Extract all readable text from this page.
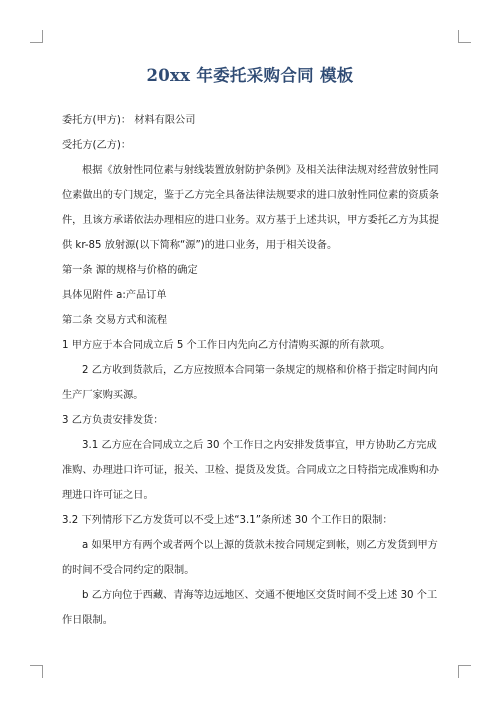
20xx 年委托采购合同 模板

委托方(甲方)： 材料有限公司

受托方(乙方)：

根据《放射性同位素与射线装置放射防护条例》及相关法律法规对经营放射性同位素做出的专门规定，鉴于乙方完全具备法律法规要求的进口放射性同位素的资质条件，且该方承诺依法办理相应的进口业务。双方基于上述共识，甲方委托乙方为其提供 kr-85 放射源(以下简称“源”)的进口业务，用于相关设备。

第一条 源的规格与价格的确定

具体见附件 a:产品订单

第二条 交易方式和流程

1 甲方应于本合同成立后 5 个工作日内先向乙方付清购买源的所有款项。

2 乙方收到货款后，乙方应按照本合同第一条规定的规格和价格于指定时间内向生产厂家购买源。

3 乙方负责安排发货：

3.1 乙方应在合同成立之后 30 个工作日之内安排发货事宜，甲方协助乙方完成准购、办理进口许可证，报关、卫检、提货及发货。合同成立之日特指完成准购和办理进口许可证之日。

3.2 下列情形下乙方发货可以不受上述“3.1”条所述 30 个工作日的限制：

a 如果甲方有两个或者两个以上源的货款未按合同规定到帐，则乙方发货到甲方的时间不受合同约定的限制。

b 乙方向位于西藏、青海等边远地区、交通不便地区交货时间不受上述 30 个工作日限制。
